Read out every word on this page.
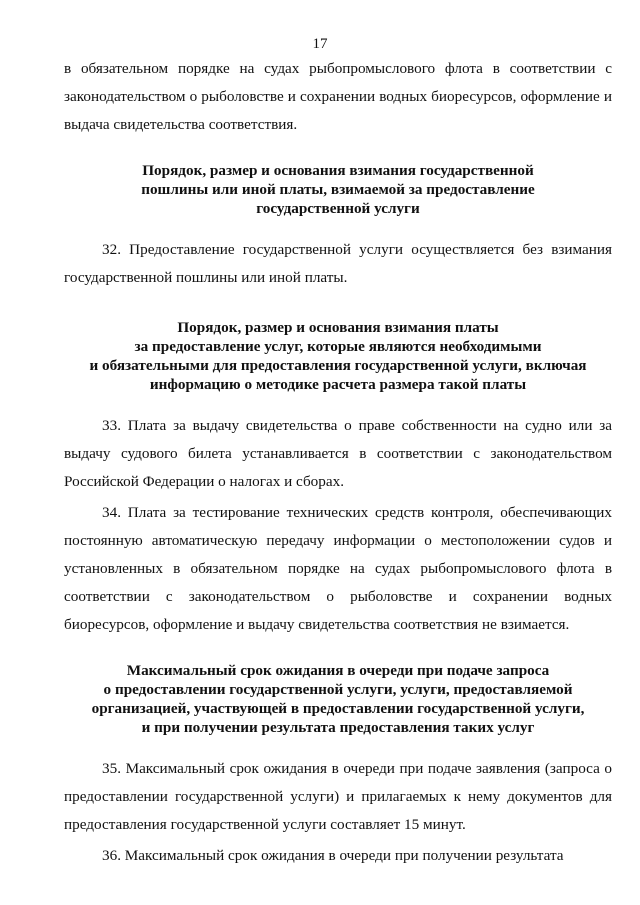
17

в обязательном порядке на судах рыбопромыслового флота в соответствии с законодательством о рыболовстве и сохранении водных биоресурсов, оформление и выдача свидетельства соответствия.

Порядок, размер и основания взимания государственной
пошлины или иной платы, взимаемой за предоставление
государственной услуги

32. Предоставление государственной услуги осуществляется без взимания государственной пошлины или иной платы.

Порядок, размер и основания взимания платы
за предоставление услуг, которые являются необходимыми
и обязательными для предоставления государственной услуги, включая
информацию о методике расчета размера такой платы

33. Плата за выдачу свидетельства о праве собственности на судно или за выдачу судового билета устанавливается в соответствии с законодательством Российской Федерации о налогах и сборах.

34. Плата за тестирование технических средств контроля, обеспечивающих постоянную автоматическую передачу информации о местоположении судов и установленных в обязательном порядке на судах рыбопромыслового флота в соответствии с законодательством о рыболовстве и сохранении водных биоресурсов, оформление и выдачу свидетельства соответствия не взимается.

Максимальный срок ожидания в очереди при подаче запроса
о предоставлении государственной услуги, услуги, предоставляемой
организацией, участвующей в предоставлении государственной услуги,
и при получении результата предоставления таких услуг

35. Максимальный срок ожидания в очереди при подаче заявления (запроса о предоставлении государственной услуги) и прилагаемых к нему документов для предоставления государственной услуги составляет 15 минут.

36. Максимальный срок ожидания в очереди при получении результата
